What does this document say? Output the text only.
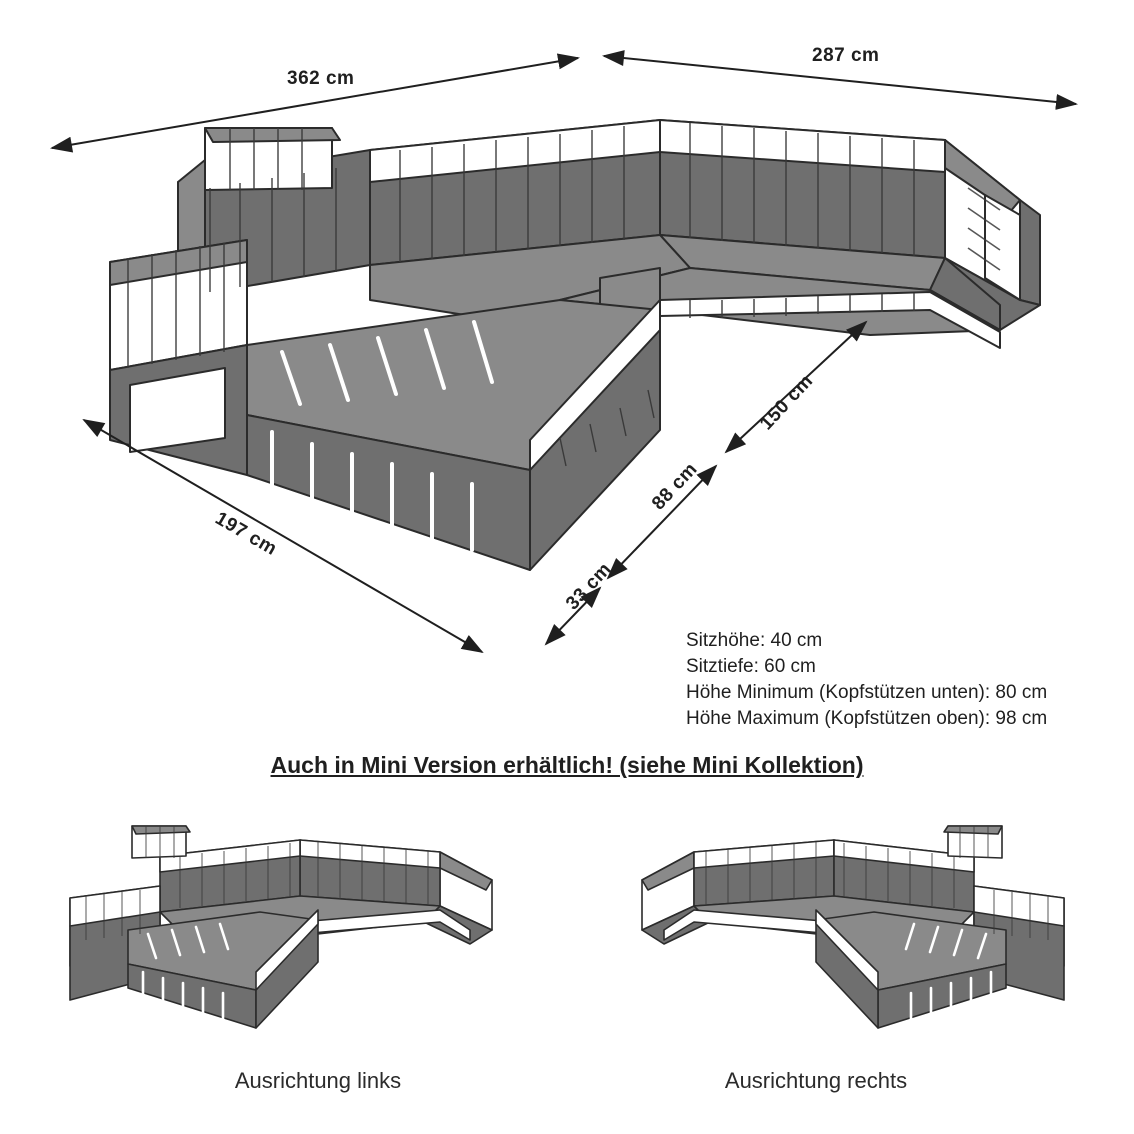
362 cm
287 cm
150 cm
88 cm
33 cm
197 cm
Sitzhöhe: 40 cm
Sitztiefe: 60 cm
Höhe Minimum (Kopfstützen unten): 80 cm
Höhe Maximum (Kopfstützen oben): 98 cm
Auch in Mini Version erhältlich! (siehe Mini Kollektion)
Ausrichtung links	Ausrichtung rechts
